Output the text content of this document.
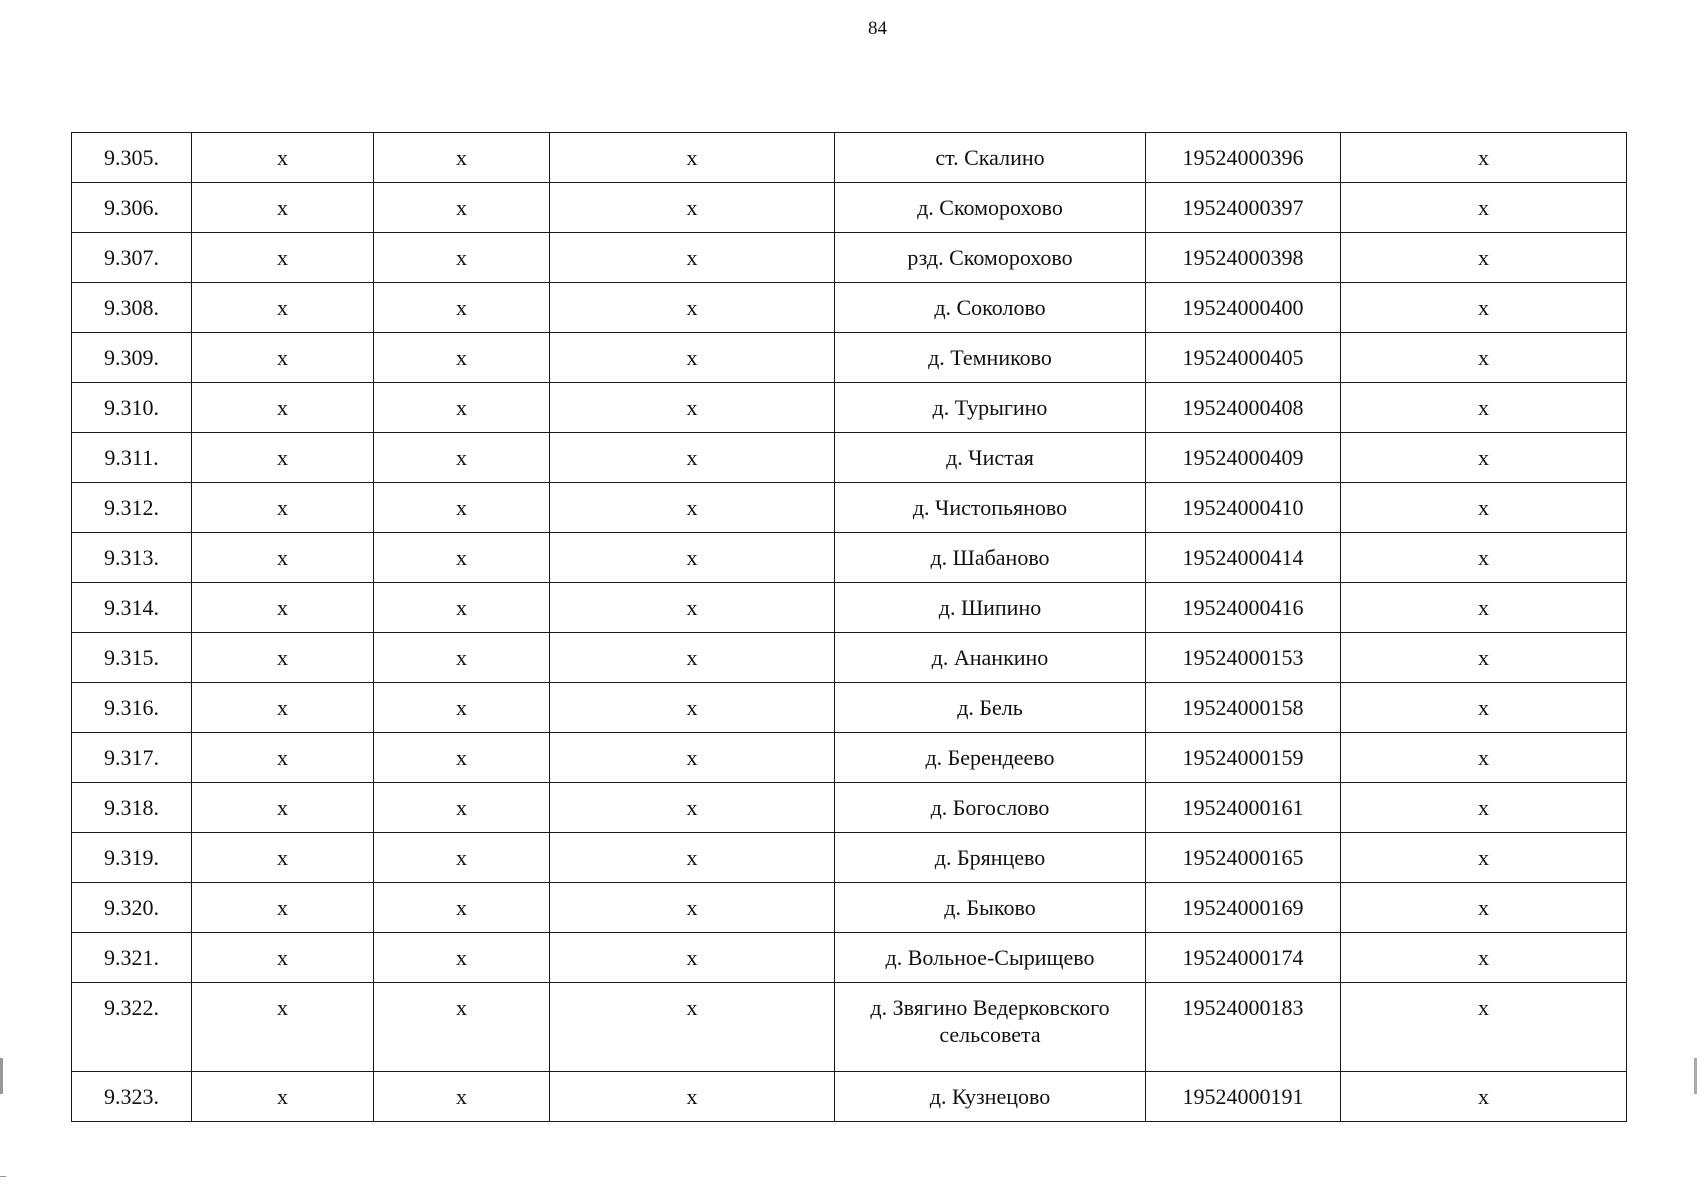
84
9.305.	х	х	х	ст. Скалино	19524000396	х
9.306.	х	х	х	д. Скоморохово	19524000397	х
9.307.	х	х	х	рзд. Скоморохово	19524000398	х
9.308.	х	х	х	д. Соколово	19524000400	х
9.309.	х	х	х	д. Темниково	19524000405	х
9.310.	х	х	х	д. Турыгино	19524000408	х
9.311.	х	х	х	д. Чистая	19524000409	х
9.312.	х	х	х	д. Чистопьяново	19524000410	х
9.313.	х	х	х	д. Шабаново	19524000414	х
9.314.	х	х	х	д. Шипино	19524000416	х
9.315.	х	х	х	д. Ананкино	19524000153	х
9.316.	х	х	х	д. Бель	19524000158	х
9.317.	х	х	х	д. Берендеево	19524000159	х
9.318.	х	х	х	д. Богослово	19524000161	х
9.319.	х	х	х	д. Брянцево	19524000165	х
9.320.	х	х	х	д. Быково	19524000169	х
9.321.	х	х	х	д. Вольное-Сырищево	19524000174	х
9.322.	х	х	х	д. Звягино Ведерковского сельсовета	19524000183	х
9.323.	х	х	х	д. Кузнецово	19524000191	х
